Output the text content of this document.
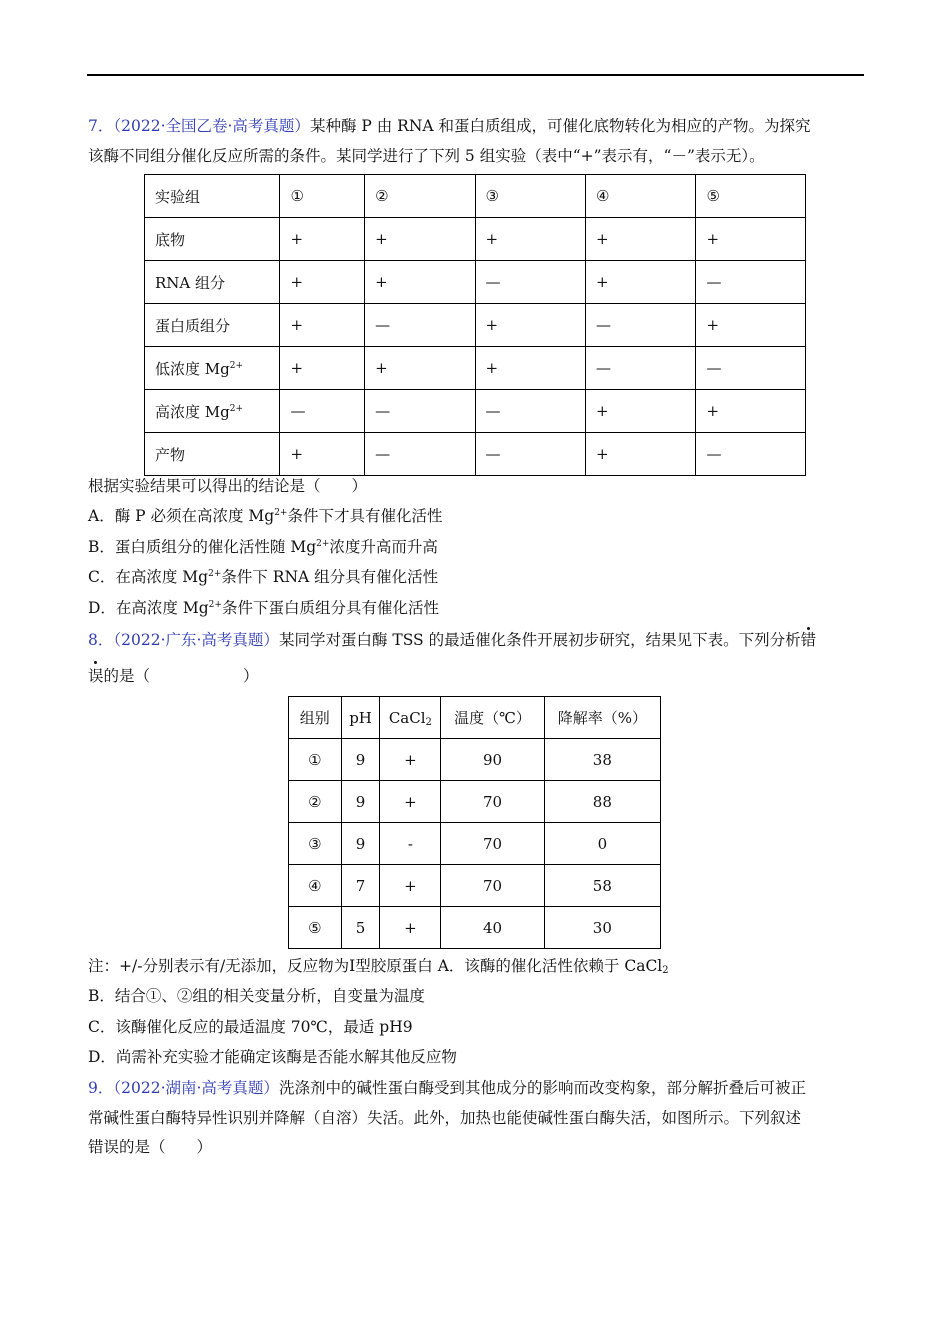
7．（2022·全国乙卷·高考真题）某种酶 P 由 RNA 和蛋白质组成，可催化底物转化为相应的产物。为探究
该酶不同组分催化反应所需的条件。某同学进行了下列 5 组实验（表中“+”表示有，“－”表示无）。
实验组	①	②	③	④	⑤
底物	+	+	+	+	+
RNA 组分	+	+	—	+	—
蛋白质组分	+	—	+	—	+
低浓度 $Mg^{2+}$	+	+	+	—	—
高浓度 $Mg^{2+}$	—	—	—	+	+
产物	+	—	—	+	—
根据实验结果可以得出的结论是（　　）
A．酶 P 必须在高浓度 $Mg^{2+}$条件下才具有催化活性
B．蛋白质组分的催化活性随 $Mg^{2+}$浓度升高而升高
C．在高浓度 $Mg^{2+}$条件下 RNA 组分具有催化活性
D．在高浓度 $Mg^{2+}$条件下蛋白质组分具有催化活性
8．（2022·广东·高考真题）某同学对蛋白酶 TSS 的最适催化条件开展初步研究，结果见下表。下列分析错
误的是（　　　　　　）
组别	pH	CaCl$_2$	温度（℃）	降解率（%）
①	9	+	90	38
②	9	+	70	88
③	9	-	70	0
④	7	+	70	58
⑤	5	+	40	30
注：+/-分别表示有/无添加，反应物为Ⅰ型胶原蛋白 A．该酶的催化活性依赖于 CaCl$_2$
B．结合①、②组的相关变量分析，自变量为温度
C．该酶催化反应的最适温度 70℃，最适 pH9
D．尚需补充实验才能确定该酶是否能水解其他反应物
9．（2022·湖南·高考真题）洗涤剂中的碱性蛋白酶受到其他成分的影响而改变构象，部分解折叠后可被正
常碱性蛋白酶特异性识别并降解（自溶）失活。此外，加热也能使碱性蛋白酶失活，如图所示。下列叙述
错误的是（　　）
